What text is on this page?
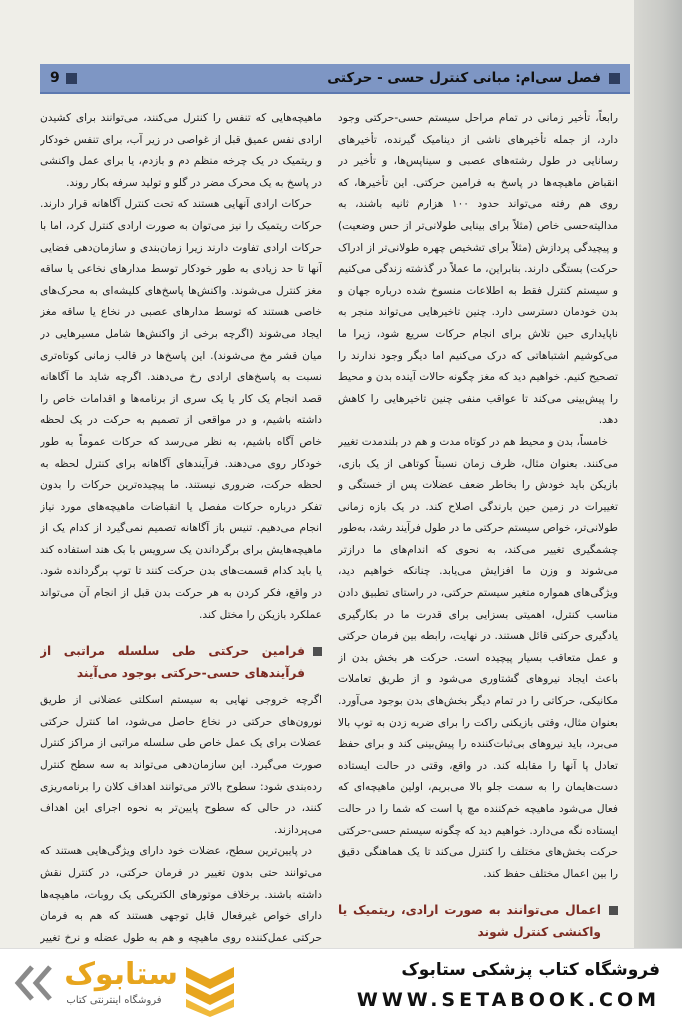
فصل سی‌ام: مبانی کنترل حسی - حرکتی
9

رابعاً، تأخیر زمانی در تمام مراحل سیستم حسی-حرکتی وجود دارد، از جمله تأخیرهای ناشی از دینامیک گیرنده، تأخیرهای رسانایی در طول رشته‌های عصبی و سیناپس‌ها، و تأخیر در انقباض ماهیچه‌ها در پاسخ به فرامین حرکتی. این تأخیرها، که روی هم رفته می‌تواند حدود ۱۰۰ هزارم ثانیه باشند، به مدالیته‌حسی خاص (مثلاً برای بینایی طولانی‌تر از حس وضعیت) و پیچیدگی پردازش (مثلاً برای تشخیص چهره طولانی‌تر از ادراک حرکت) بستگی دارند. بنابراین، ما عملاً در گذشته زندگی می‌کنیم و سیستم کنترل فقط به اطلاعات منسوخ شده درباره جهان و بدن خودمان دسترسی دارد. چنین تاخیرهایی می‌تواند منجر به ناپایداری حین تلاش برای انجام حرکات سریع شود، زیرا ما می‌کوشیم اشتباهاتی که درک می‌کنیم اما دیگر وجود ندارند را تصحیح کنیم. خواهیم دید که مغز چگونه حالات آینده بدن و محیط را پیش‌بینی می‌کند تا عواقب منفی چنین تاخیرهایی را کاهش دهد.

خامساً، بدن و محیط هم در کوتاه مدت و هم در بلندمدت تغییر می‌کنند. بعنوان مثال، ظرف زمان نسبتاً کوتاهی از یک بازی، بازیکن باید خودش را بخاطر ضعف عضلات پس از خستگی و تغییرات در زمین حین بارندگی اصلاح کند. در یک بازه زمانی طولانی‌تر، خواص سیستم حرکتی ما در طول فرآیند رشد، به‌طور چشمگیری تغییر می‌کند، به نحوی که اندام‌های ما درازتر می‌شوند و وزن ما افزایش می‌یابد. چنانکه خواهیم دید، ویژگی‌های همواره متغیر سیستم حرکتی، در راستای تطبیق دادن مناسب کنترل، اهمیتی بسزایی برای قدرت ما در بکارگیری یادگیری حرکتی قائل هستند. در نهایت، رابطه بین فرمان حرکتی و عمل متعاقب بسیار پیچیده است. حرکت هر بخش بدن از باعث ایجاد نیروهای گشتاوری می‌شود و از طریق تعاملات مکانیکی، حرکاتی را در تمام دیگر بخش‌های بدن بوجود می‌آورد. بعنوان مثال، وقتی بازیکنی راکت را برای ضربه زدن به توپ بالا می‌برد، باید نیروهای بی‌ثبات‌کننده را پیش‌بینی کند و برای حفظ تعادل پا آنها را مقابله کند. در واقع، وقتی در حالت ایستاده دست‌هایمان را به سمت جلو بالا می‌بریم، اولین ماهیچه‌ای که فعال می‌شود ماهیچه خم‌کننده مچ پا است که شما را در حالت ایستاده نگه می‌دارد. خواهیم دید که چگونه سیستم حسی-حرکتی حرکت بخش‌های مختلف را کنترل می‌کند تا یک هماهنگی دقیق را بین اعمال مختلف حفظ کند.

اعمال می‌توانند به صورت ارادی، ریتمیک یا واکنشی کنترل شوند

ماهیچه‌هایی که تنفس را کنترل می‌کنند، می‌توانند برای کشیدن ارادی نفس عمیق قبل از غواصی در زیر آب، برای تنفس خودکار و ریتمیک در یک چرخه منظم دم و بازدم، یا برای عمل واکنشی در پاسخ به یک محرک مضر در گلو و تولید سرفه بکار روند.

حرکات ارادی آنهایی هستند که تحت کنترل آگاهانه قرار دارند. حرکات ریتمیک را نیز می‌توان به صورت ارادی کنترل کرد، اما با حرکات ارادی تفاوت دارند زیرا زمان‌بندی و سازمان‌دهی فضایی آنها تا حد زیادی به طور خودکار توسط مدارهای نخاعی یا ساقه مغز کنترل می‌شوند. واکنش‌ها پاسخ‌های کلیشه‌ای به محرک‌های خاصی هستند که توسط مدارهای عصبی در نخاع یا ساقه مغز ایجاد می‌شوند (اگرچه برخی از واکنش‌ها شامل مسیرهایی در میان قشر مخ می‌شوند). این پاسخ‌ها در قالب زمانی کوتاه‌تری نسبت به پاسخ‌های ارادی رخ می‌دهند. اگرچه شاید ما آگاهانه قصد انجام یک کار یا یک سری از برنامه‌ها و اقدامات خاص را داشته باشیم، و در مواقعی از تصمیم به حرکت در یک لحظه خاص آگاه باشیم، به نظر می‌رسد که حرکات عموماً به طور خودکار روی می‌دهند. فرآیندهای آگاهانه برای کنترل لحظه به لحظه حرکت، ضروری نیستند. ما پیچیده‌ترین حرکات را بدون تفکر درباره حرکات مفصل یا انقباضات ماهیچه‌های مورد نیاز انجام می‌دهیم. تنیس باز آگاهانه تصمیم نمی‌گیرد از کدام یک از ماهیچه‌هایش برای برگرداندن یک سرویس با بک هند استفاده کند یا باید کدام قسمت‌های بدن حرکت کنند تا توپ برگردانده شود. در واقع، فکر کردن به هر حرکت بدن قبل از انجام آن می‌تواند عملکرد بازیکن را مختل کند.

فرامین حرکتی طی سلسله مراتبی از فرآیندهای حسی-حرکتی بوجود می‌آیند

اگرچه خروجی نهایی به سیستم اسکلتی عضلانی از طریق نورون‌های حرکتی در نخاع حاصل می‌شود، اما کنترل حرکتی عضلات برای یک عمل خاص طی سلسله مراتبی از مراکز کنترل صورت می‌گیرد. این سازمان‌دهی می‌تواند به سه سطح کنترل رده‌بندی شود: سطوح بالاتر می‌توانند اهداف کلان را برنامه‌ریزی کنند، در حالی که سطوح پایین‌تر به نحوه اجرای این اهداف می‌پردازند.

در پایین‌ترین سطح، عضلات خود دارای ویژگی‌هایی هستند که می‌توانند حتی بدون تغییر در فرمان حرکتی، در کنترل نقش داشته باشند. برخلاف موتورهای الکتریکی یک روبات، ماهیچه‌ها دارای خواص غیرفعال قابل توجهی هستند که هم به فرمان حرکتی عمل‌کننده روی ماهیچه و هم به طول عضله و نرخ تغییر

ستابوک
فروشگاه اینترنتی کتاب
فروشگاه کتاب پزشکی ستابوک
WWW.SETABOOK.COM
